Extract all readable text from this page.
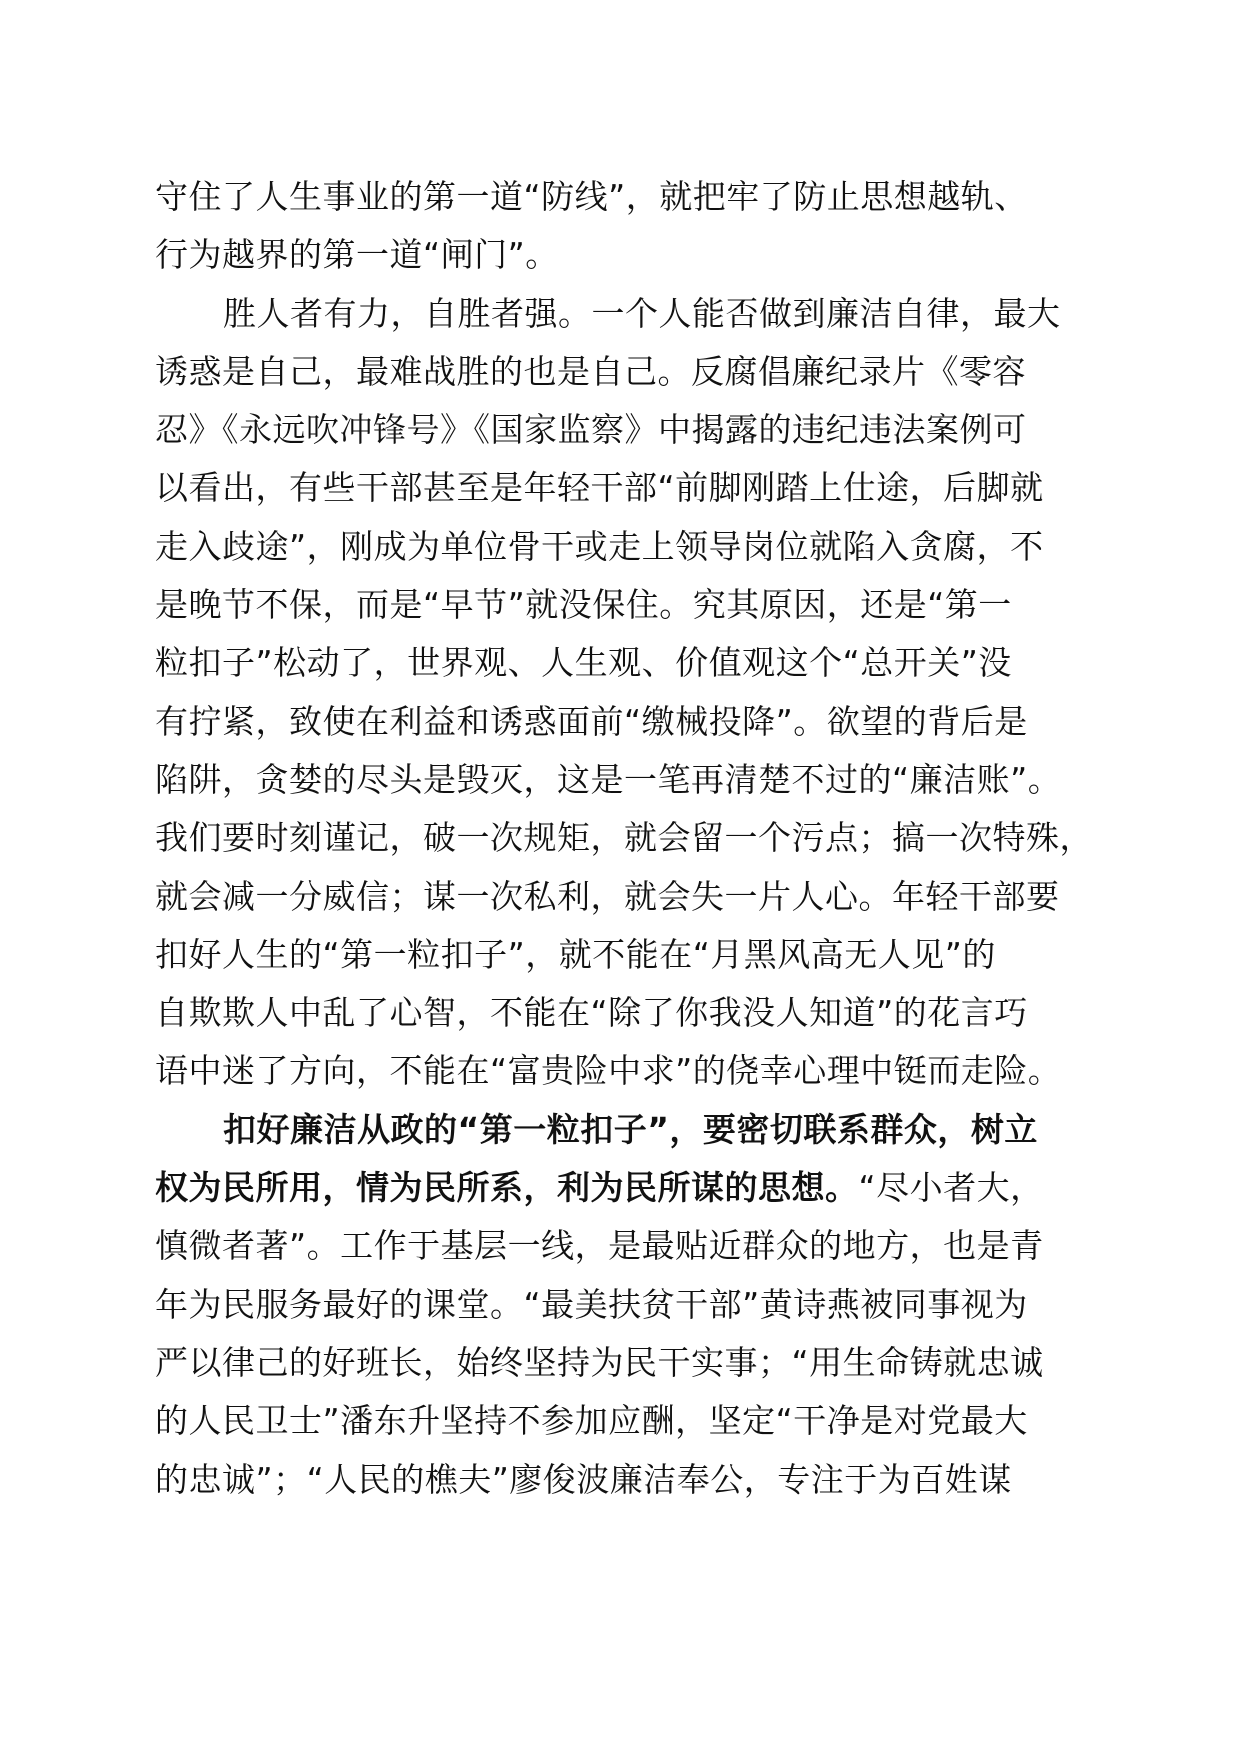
守住了人生事业的第一道“防线”，就把牢了防止思想越轨、
行为越界的第一道“闸门”。
胜人者有力，自胜者强。一个人能否做到廉洁自律，最大
诱惑是自己，最难战胜的也是自己。反腐倡廉纪录片《零容
忍》《永远吹冲锋号》《国家监察》中揭露的违纪违法案例可
以看出，有些干部甚至是年轻干部“前脚刚踏上仕途，后脚就
走入歧途”，刚成为单位骨干或走上领导岗位就陷入贪腐，不
是晚节不保，而是“早节”就没保住。究其原因，还是“第一
粒扣子”松动了，世界观、人生观、价值观这个“总开关”没
有拧紧，致使在利益和诱惑面前“缴械投降”。欲望的背后是
陷阱，贪婪的尽头是毁灭，这是一笔再清楚不过的“廉洁账”。
我们要时刻谨记，破一次规矩，就会留一个污点；搞一次特殊，
就会减一分威信；谋一次私利，就会失一片人心。年轻干部要
扣好人生的“第一粒扣子”，就不能在“月黑风高无人见”的
自欺欺人中乱了心智，不能在“除了你我没人知道”的花言巧
语中迷了方向，不能在“富贵险中求”的侥幸心理中铤而走险。
扣好廉洁从政的“第一粒扣子”，要密切联系群众，树立
权为民所用，情为民所系，利为民所谋的思想。“尽小者大，
慎微者著”。工作于基层一线，是最贴近群众的地方，也是青
年为民服务最好的课堂。“最美扶贫干部”黄诗燕被同事视为
严以律己的好班长，始终坚持为民干实事；“用生命铸就忠诚
的人民卫士”潘东升坚持不参加应酬，坚定“干净是对党最大
的忠诚”；“人民的樵夫”廖俊波廉洁奉公，专注于为百姓谋
